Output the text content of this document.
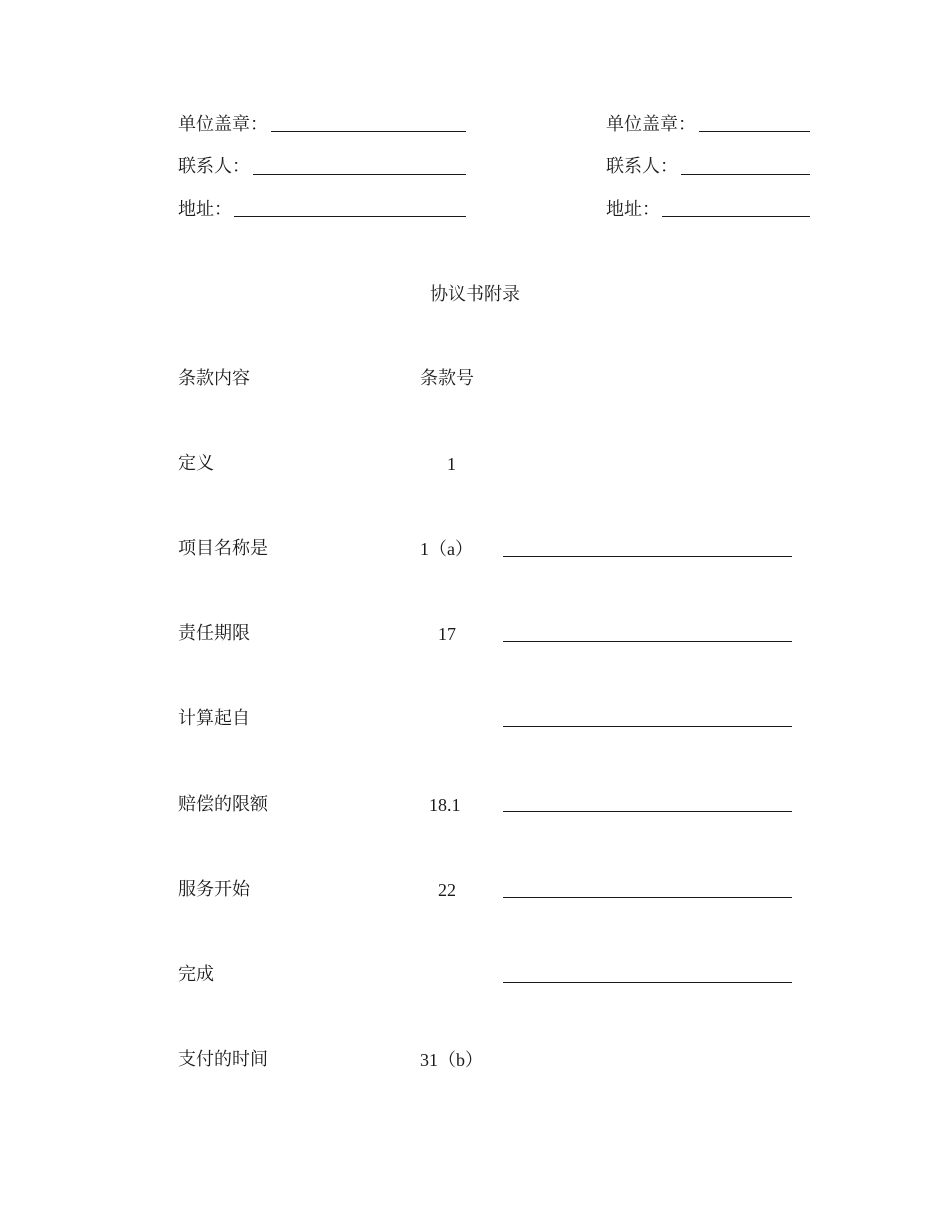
单位盖章：
联系人：
地址：
单位盖章：
联系人：
地址：
协议书附录
条款内容	条款号
定义	1
项目名称是	1（a）
责任期限	17
计算起自
赔偿的限额	18.1
服务开始	22
完成
支付的时间	31（b）
